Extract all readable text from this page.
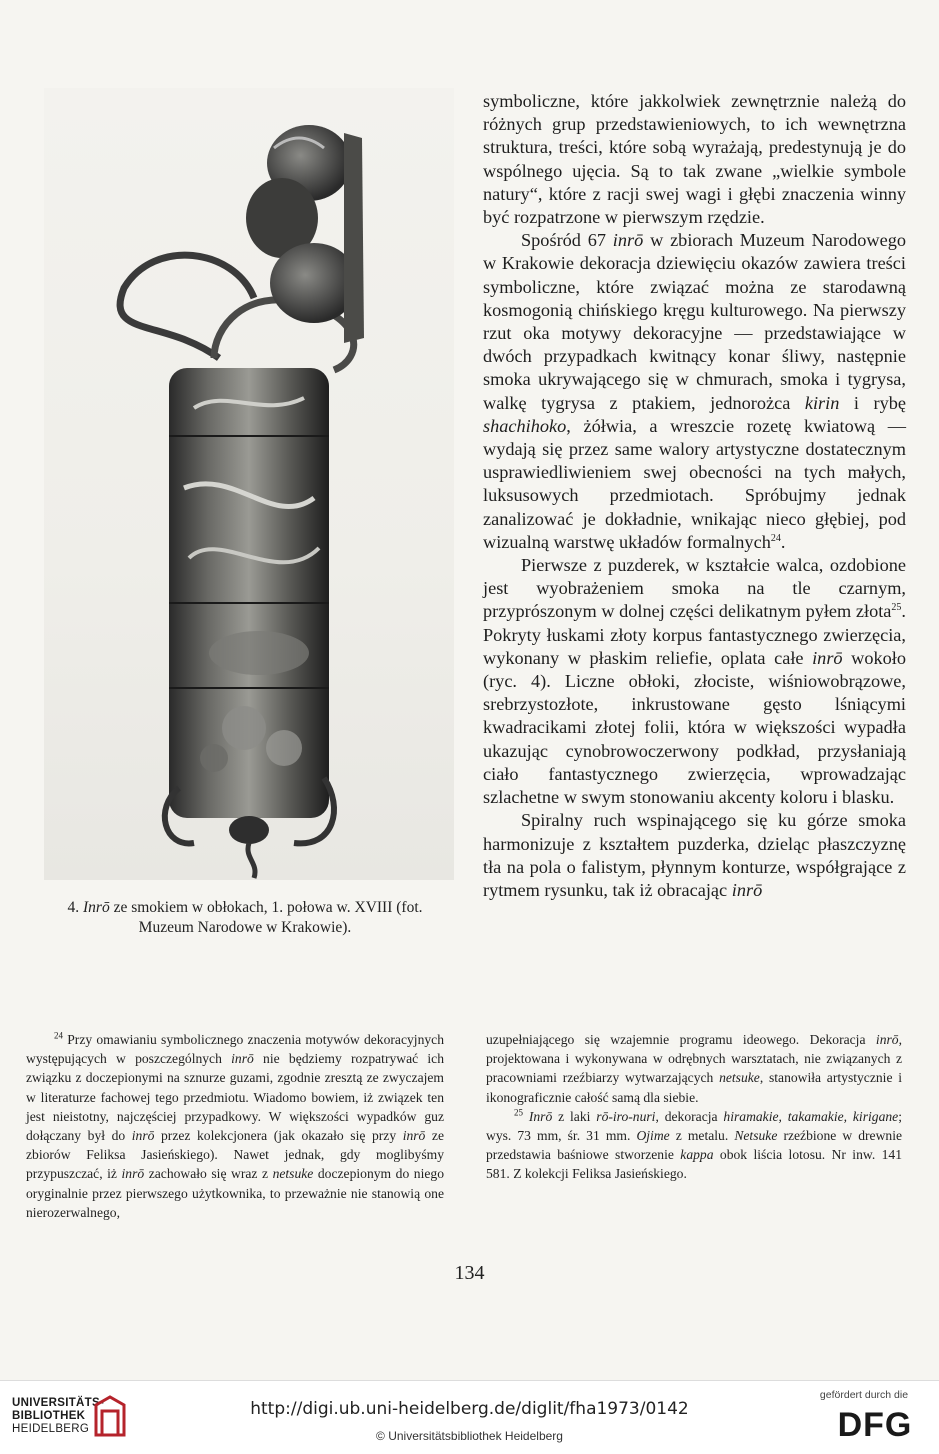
4. Inrō ze smokiem w obłokach, 1. połowa w. XVIII (fot.
Muzeum Narodowe w Krakowie).

symboliczne, które jakkolwiek zewnętrznie należą do różnych grup przedstawieniowych, to ich wewnętrzna struktura, treści, które sobą wyrażają, predestynują je do wspólnego ujęcia. Są to tak zwane „wielkie symbole natury“, które z racji swej wagi i głębi znaczenia winny być rozpatrzone w pierwszym rzędzie.

Spośród 67 inrō w zbiorach Muzeum Narodowego w Krakowie dekoracja dziewięciu okazów zawiera treści symboliczne, które związać można ze starodawną kosmogonią chińskiego kręgu kulturowego. Na pierwszy rzut oka motywy dekoracyjne — przedstawiające w dwóch przypadkach kwitnący konar śliwy, następnie smoka ukrywającego się w chmurach, smoka i tygrysa, walkę tygrysa z ptakiem, jednorożca kirin i rybę shachihoko, żółwia, a wreszcie rozetę kwiatową — wydają się przez same walory artystyczne dostatecznym usprawiedliwieniem swej obecności na tych małych, luksusowych przedmiotach. Spróbujmy jednak zanalizować je dokładnie, wnikając nieco głębiej, pod wizualną warstwę układów formalnych$^{24}$.

Pierwsze z puzderek, w kształcie walca, ozdobione jest wyobrażeniem smoka na tle czarnym, przyprószonym w dolnej części delikatnym pyłem złota$^{25}$. Pokryty łuskami złoty korpus fantastycznego zwierzęcia, wykonany w płaskim reliefie, oplata całe inrō wokoło (ryc. 4). Liczne obłoki, złociste, wiśniowobrązowe, srebrzystozłote, inkrustowane gęsto lśniącymi kwadracikami złotej folii, która w większości wypadła ukazując cynobrowoczerwony podkład, przysłaniają ciało fantastycznego zwierzęcia, wprowadzając szlachetne w swym stonowaniu akcenty koloru i blasku.

Spiralny ruch wspinającego się ku górze smoka harmonizuje z kształtem puzderka, dzieląc płaszczyznę tła na pola o falistym, płynnym konturze, współgrające z rytmem rysunku, tak iż obracając inrō

$^{24}$ Przy omawianiu symbolicznego znaczenia motywów dekoracyjnych występujących w poszczególnych inrō nie będziemy rozpatrywać ich związku z doczepionymi na sznurze guzami, zgodnie zresztą ze zwyczajem w literaturze fachowej tego przedmiotu. Wiadomo bowiem, iż związek ten jest nieistotny, najczęściej przypadkowy. W większości wypadków guz dołączany był do inrō przez kolekcjonera (jak okazało się przy inrō ze zbiorów Feliksa Jasieńskiego). Nawet jednak, gdy moglibyśmy przypuszczać, iż inrō zachowało się wraz z netsuke doczepionym do niego oryginalnie przez pierwszego użytkownika, to przeważnie nie stanowią one nierozerwalnego,

uzupełniającego się wzajemnie programu ideowego. Dekoracja inrō, projektowana i wykonywana w odrębnych warsztatach, nie związanych z pracowniami rzeźbiarzy wytwarzających netsuke, stanowiła artystycznie i ikonograficznie całość samą dla siebie.

$^{25}$ Inrō z laki rō-iro-nuri, dekoracja hiramakie, takamakie, kirigane; wys. 73 mm, śr. 31 mm. Ojime z metalu. Netsuke rzeźbione w drewnie przedstawia baśniowe stworzenie kappa obok liścia lotosu. Nr inw. 141 581. Z kolekcji Feliksa Jasieńskiego.

134
UNIVERSITÄTS-
BIBLIOTHEK
HEIDELBERG
http://digi.ub.uni-heidelberg.de/diglit/fha1973/0142
© Universitätsbibliothek Heidelberg
gefördert durch die
DFG
